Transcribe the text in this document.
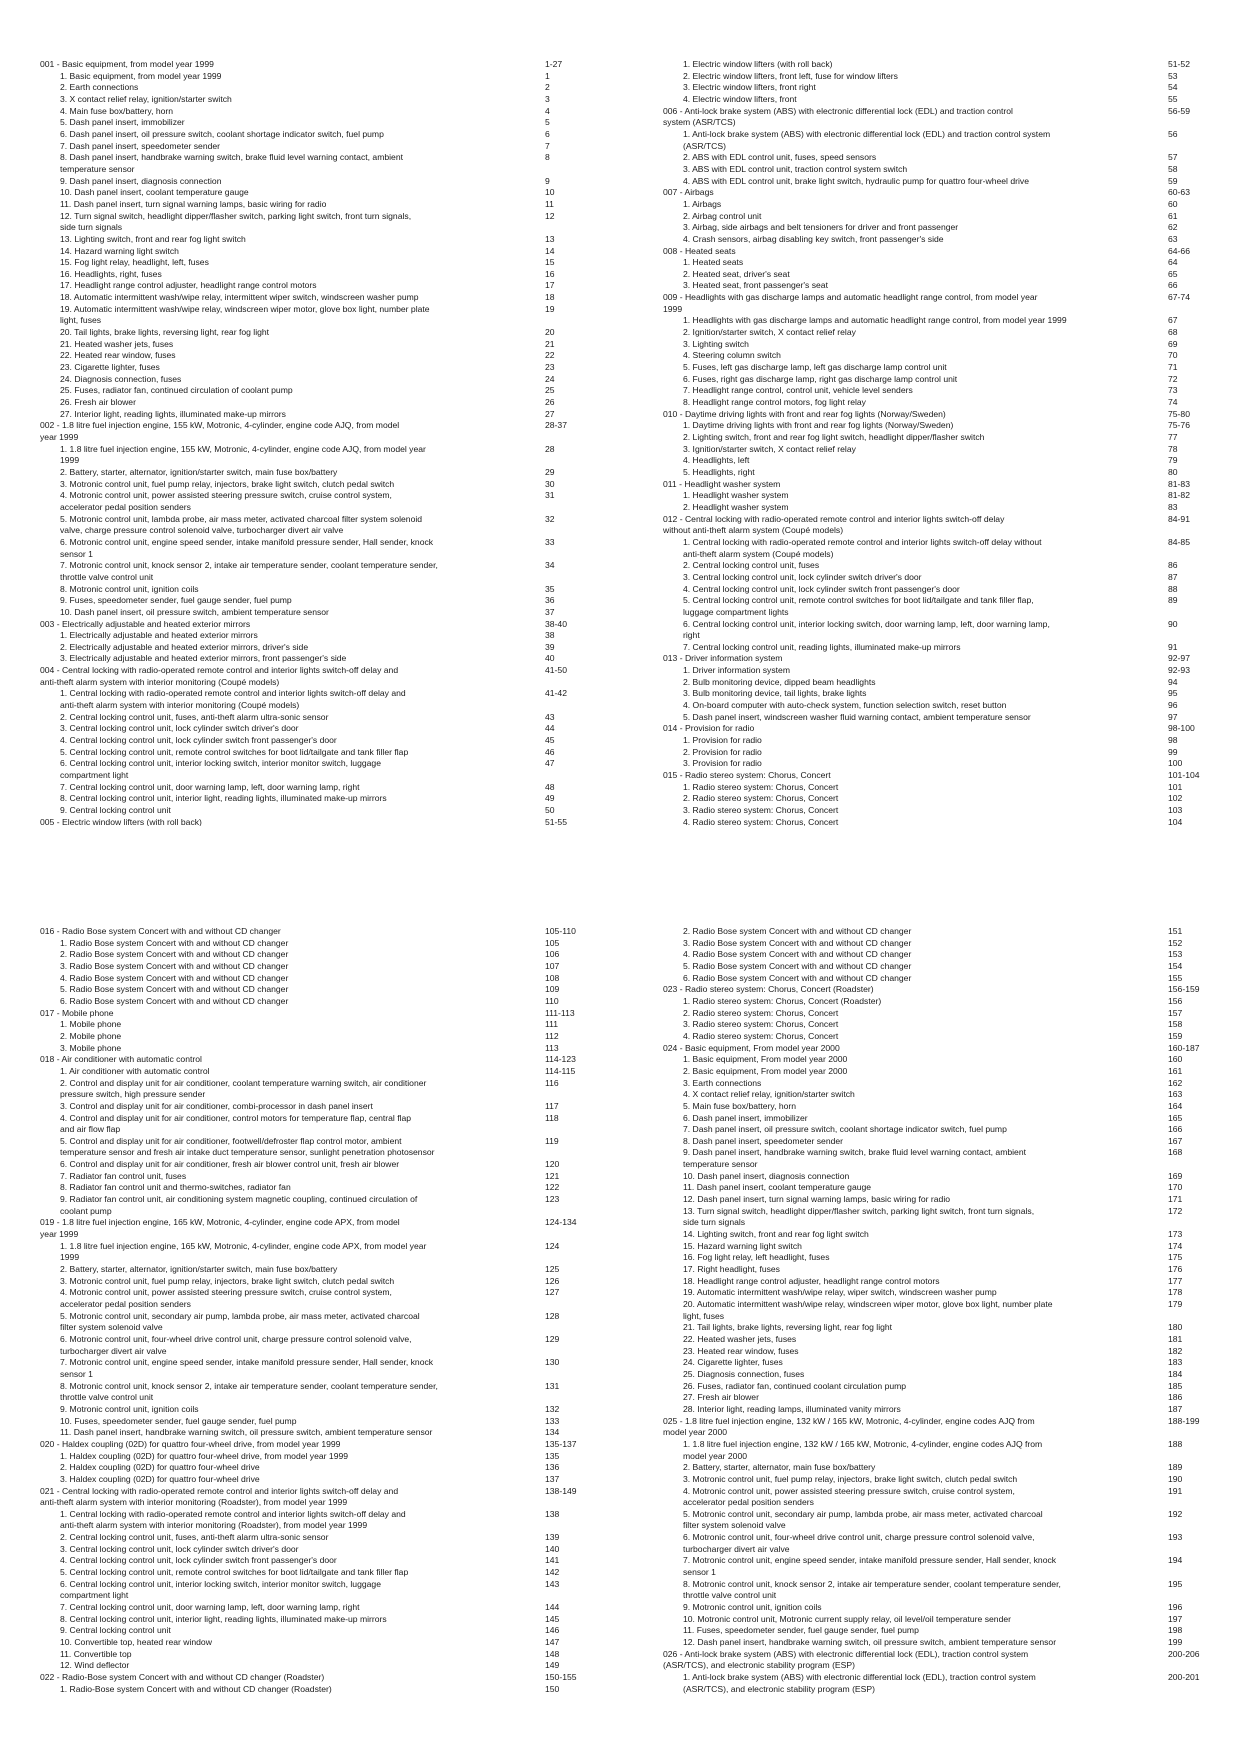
001 - Basic equipment, from model year 1999	1-27
1. Basic equipment, from model year 1999	1
2. Earth connections	2
3. X contact relief relay, ignition/starter switch	3
4. Main fuse box/battery, horn	4
5. Dash panel insert, immobilizer	5
6. Dash panel insert, oil pressure switch, coolant shortage indicator switch, fuel pump	6
7. Dash panel insert, speedometer sender	7
8. Dash panel insert, handbrake warning switch, brake fluid level warning contact, ambient	8
temperature sensor
9. Dash panel insert, diagnosis connection	9
10. Dash panel insert, coolant temperature gauge	10
11. Dash panel insert, turn signal warning lamps, basic wiring for radio	11
12. Turn signal switch, headlight dipper/flasher switch, parking light switch, front turn signals,	12
side turn signals
13. Lighting switch, front and rear fog light switch	13
14. Hazard warning light switch	14
15. Fog light relay, headlight, left, fuses	15
16. Headlights, right, fuses	16
17. Headlight range control adjuster, headlight range control motors	17
18. Automatic intermittent wash/wipe relay, intermittent wiper switch, windscreen washer pump	18
19. Automatic intermittent wash/wipe relay, windscreen wiper motor, glove box light, number plate	19
light, fuses
20. Tail lights, brake lights, reversing light, rear fog light	20
21. Heated washer jets, fuses	21
22. Heated rear window, fuses	22
23. Cigarette lighter, fuses	23
24. Diagnosis connection, fuses	24
25. Fuses, radiator fan, continued circulation of coolant pump	25
26. Fresh air blower	26
27. Interior light, reading lights, illuminated make-up mirrors	27
002 - 1.8 litre fuel injection engine, 155 kW, Motronic, 4-cylinder, engine code AJQ, from model	28-37
year 1999
1. 1.8 litre fuel injection engine, 155 kW, Motronic, 4-cylinder, engine code AJQ, from model year	28
1999
2. Battery, starter, alternator, ignition/starter switch, main fuse box/battery	29
3. Motronic control unit, fuel pump relay, injectors, brake light switch, clutch pedal switch	30
4. Motronic control unit, power assisted steering pressure switch, cruise control system,	31
accelerator pedal position senders
5. Motronic control unit, lambda probe, air mass meter, activated charcoal filter system solenoid	32
valve, charge pressure control solenoid valve, turbocharger divert air valve
6. Motronic control unit, engine speed sender, intake manifold pressure sender, Hall sender, knock	33
sensor 1
7. Motronic control unit, knock sensor 2, intake air temperature sender, coolant temperature sender,	34
throttle valve control unit
8. Motronic control unit, ignition coils	35
9. Fuses, speedometer sender, fuel gauge sender, fuel pump	36
10. Dash panel insert, oil pressure switch, ambient temperature sensor	37
003 - Electrically adjustable and heated exterior mirrors	38-40
1. Electrically adjustable and heated exterior mirrors	38
2. Electrically adjustable and heated exterior mirrors, driver's side	39
3. Electrically adjustable and heated exterior mirrors, front passenger's side	40
004 - Central locking with radio-operated remote control and interior lights switch-off delay and	41-50
anti-theft alarm system with interior monitoring (Coupé models)
1. Central locking with radio-operated remote control and interior lights switch-off delay and	41-42
anti-theft alarm system with interior monitoring (Coupé models)
2. Central locking control unit, fuses, anti-theft alarm ultra-sonic sensor	43
3. Central locking control unit, lock cylinder switch driver's door	44
4. Central locking control unit, lock cylinder switch front passenger's door	45
5. Central locking control unit, remote control switches for boot lid/tailgate and tank filler flap	46
6. Central locking control unit, interior locking switch, interior monitor switch, luggage	47
compartment light
7. Central locking control unit, door warning lamp, left, door warning lamp, right	48
8. Central locking control unit, interior light, reading lights, illuminated make-up mirrors	49
9. Central locking control unit	50
005 - Electric window lifters (with roll back)	51-55
1. Electric window lifters (with roll back)	51-52
2. Electric window lifters, front left, fuse for window lifters	53
3. Electric window lifters, front right	54
4. Electric window lifters, front	55
006 - Anti-lock brake system (ABS) with electronic differential lock (EDL) and traction control	56-59
system (ASR/TCS)
1. Anti-lock brake system (ABS) with electronic differential lock (EDL) and traction control system	56
(ASR/TCS)
2. ABS with EDL control unit, fuses, speed sensors	57
3. ABS with EDL control unit, traction control system switch	58
4. ABS with EDL control unit, brake light switch, hydraulic pump for quattro four-wheel drive	59
007 - Airbags	60-63
1. Airbags	60
2. Airbag control unit	61
3. Airbag, side airbags and belt tensioners for driver and front passenger	62
4. Crash sensors, airbag disabling key switch, front passenger's side	63
008 - Heated seats	64-66
1. Heated seats	64
2. Heated seat, driver's seat	65
3. Heated seat, front passenger's seat	66
009 - Headlights with gas discharge lamps and automatic headlight range control, from model year	67-74
1999
1. Headlights with gas discharge lamps and automatic headlight range control, from model year 1999	67
2. Ignition/starter switch, X contact relief relay	68
3. Lighting switch	69
4. Steering column switch	70
5. Fuses, left gas discharge lamp, left gas discharge lamp control unit	71
6. Fuses, right gas discharge lamp, right gas discharge lamp control unit	72
7. Headlight range control, control unit, vehicle level senders	73
8. Headlight range control motors, fog light relay	74
010 - Daytime driving lights with front and rear fog lights (Norway/Sweden)	75-80
1. Daytime driving lights with front and rear fog lights (Norway/Sweden)	75-76
2. Lighting switch, front and rear fog light switch, headlight dipper/flasher switch	77
3. Ignition/starter switch, X contact relief relay	78
4. Headlights, left	79
5. Headlights, right	80
011 - Headlight washer system	81-83
1. Headlight washer system	81-82
2. Headlight washer system	83
012 - Central locking with radio-operated remote control and interior lights switch-off delay	84-91
without anti-theft alarm system (Coupé models)
1. Central locking with radio-operated remote control and interior lights switch-off delay without	84-85
anti-theft alarm system (Coupé models)
2. Central locking control unit, fuses	86
3. Central locking control unit, lock cylinder switch driver's door	87
4. Central locking control unit, lock cylinder switch front passenger's door	88
5. Central locking control unit, remote control switches for boot lid/tailgate and tank filler flap,	89
luggage compartment lights
6. Central locking control unit, interior locking switch, door warning lamp, left, door warning lamp,	90
right
7. Central locking control unit, reading lights, illuminated make-up mirrors	91
013 - Driver information system	92-97
1. Driver information system	92-93
2. Bulb monitoring device, dipped beam headlights	94
3. Bulb monitoring device, tail lights, brake lights	95
4. On-board computer with auto-check system, function selection switch, reset button	96
5. Dash panel insert, windscreen washer fluid warning contact, ambient temperature sensor	97
014 - Provision for radio	98-100
1. Provision for radio	98
2. Provision for radio	99
3. Provision for radio	100
015 - Radio stereo system: Chorus, Concert	101-104
1. Radio stereo system: Chorus, Concert	101
2. Radio stereo system: Chorus, Concert	102
3. Radio stereo system: Chorus, Concert	103
4. Radio stereo system: Chorus, Concert	104
016 - Radio Bose system Concert with and without CD changer	105-110
1. Radio Bose system Concert with and without CD changer	105
2. Radio Bose system Concert with and without CD changer	106
3. Radio Bose system Concert with and without CD changer	107
4. Radio Bose system Concert with and without CD changer	108
5. Radio Bose system Concert with and without CD changer	109
6. Radio Bose system Concert with and without CD changer	110
017 - Mobile phone	111-113
1. Mobile phone	111
2. Mobile phone	112
3. Mobile phone	113
018 - Air conditioner with automatic control	114-123
1. Air conditioner with automatic control	114-115
2. Control and display unit for air conditioner, coolant temperature warning switch, air conditioner	116
pressure switch, high pressure sender
3. Control and display unit for air conditioner, combi-processor in dash panel insert	117
4. Control and display unit for air conditioner, control motors for temperature flap, central flap	118
and air flow flap
5. Control and display unit for air conditioner, footwell/defroster flap control motor, ambient	119
temperature sensor and fresh air intake duct temperature sensor, sunlight penetration photosensor
6. Control and display unit for air conditioner, fresh air blower control unit, fresh air blower	120
7. Radiator fan control unit, fuses	121
8. Radiator fan control unit and thermo-switches, radiator fan	122
9. Radiator fan control unit, air conditioning system magnetic coupling, continued circulation of	123
coolant pump
019 - 1.8 litre fuel injection engine, 165 kW, Motronic, 4-cylinder, engine code APX, from model	124-134
year 1999
1. 1.8 litre fuel injection engine, 165 kW, Motronic, 4-cylinder, engine code APX, from model year	124
1999
2. Battery, starter, alternator, ignition/starter switch, main fuse box/battery	125
3. Motronic control unit, fuel pump relay, injectors, brake light switch, clutch pedal switch	126
4. Motronic control unit, power assisted steering pressure switch, cruise control system,	127
accelerator pedal position senders
5. Motronic control unit, secondary air pump, lambda probe, air mass meter, activated charcoal	128
filter system solenoid valve
6. Motronic control unit, four-wheel drive control unit, charge pressure control solenoid valve,	129
turbocharger divert air valve
7. Motronic control unit, engine speed sender, intake manifold pressure sender, Hall sender, knock	130
sensor 1
8. Motronic control unit, knock sensor 2, intake air temperature sender, coolant temperature sender,	131
throttle valve control unit
9. Motronic control unit, ignition coils	132
10. Fuses, speedometer sender, fuel gauge sender, fuel pump	133
11. Dash panel insert, handbrake warning switch, oil pressure switch, ambient temperature sensor	134
020 - Haldex coupling (02D) for quattro four-wheel drive, from model year 1999	135-137
1. Haldex coupling (02D) for quattro four-wheel drive, from model year 1999	135
2. Haldex coupling (02D) for quattro four-wheel drive	136
3. Haldex coupling (02D) for quattro four-wheel drive	137
021 - Central locking with radio-operated remote control and interior lights switch-off delay and	138-149
anti-theft alarm system with interior monitoring (Roadster), from model year 1999
1. Central locking with radio-operated remote control and interior lights switch-off delay and	138
anti-theft alarm system with interior monitoring (Roadster), from model year 1999
2. Central locking control unit, fuses, anti-theft alarm ultra-sonic sensor	139
3. Central locking control unit, lock cylinder switch driver's door	140
4. Central locking control unit, lock cylinder switch front passenger's door	141
5. Central locking control unit, remote control switches for boot lid/tailgate and tank filler flap	142
6. Central locking control unit, interior locking switch, interior monitor switch, luggage	143
compartment light
7. Central locking control unit, door warning lamp, left, door warning lamp, right	144
8. Central locking control unit, interior light, reading lights, illuminated make-up mirrors	145
9. Central locking control unit	146
10. Convertible top, heated rear window	147
11. Convertible top	148
12. Wind deflector	149
022 - Radio-Bose system Concert with and without CD changer (Roadster)	150-155
1. Radio-Bose system Concert with and without CD changer (Roadster)	150
2. Radio Bose system Concert with and without CD changer	151
3. Radio Bose system Concert with and without CD changer	152
4. Radio Bose system Concert with and without CD changer	153
5. Radio Bose system Concert with and without CD changer	154
6. Radio Bose system Concert with and without CD changer	155
023 - Radio stereo system: Chorus, Concert (Roadster)	156-159
1. Radio stereo system: Chorus, Concert (Roadster)	156
2. Radio stereo system: Chorus, Concert	157
3. Radio stereo system: Chorus, Concert	158
4. Radio stereo system: Chorus, Concert	159
024 - Basic equipment, From model year 2000	160-187
1. Basic equipment, From model year 2000	160
2. Basic equipment, From model year 2000	161
3. Earth connections	162
4. X contact relief relay, ignition/starter switch	163
5. Main fuse box/battery, horn	164
6. Dash panel insert, immobilizer	165
7. Dash panel insert, oil pressure switch, coolant shortage indicator switch, fuel pump	166
8. Dash panel insert, speedometer sender	167
9. Dash panel insert, handbrake warning switch, brake fluid level warning contact, ambient	168
temperature sensor
10. Dash panel insert, diagnosis connection	169
11. Dash panel insert, coolant temperature gauge	170
12. Dash panel insert, turn signal warning lamps, basic wiring for radio	171
13. Turn signal switch, headlight dipper/flasher switch, parking light switch, front turn signals,	172
side turn signals
14. Lighting switch, front and rear fog light switch	173
15. Hazard warning light switch	174
16. Fog light relay, left headlight, fuses	175
17. Right headlight, fuses	176
18. Headlight range control adjuster, headlight range control motors	177
19. Automatic intermittent wash/wipe relay, wiper switch, windscreen washer pump	178
20. Automatic intermittent wash/wipe relay, windscreen wiper motor, glove box light, number plate	179
light, fuses
21. Tail lights, brake lights, reversing light, rear fog light	180
22. Heated washer jets, fuses	181
23. Heated rear window, fuses	182
24. Cigarette lighter, fuses	183
25. Diagnosis connection, fuses	184
26. Fuses, radiator fan, continued coolant circulation pump	185
27. Fresh air blower	186
28. Interior light, reading lamps, illuminated vanity mirrors	187
025 - 1.8 litre fuel injection engine, 132 kW / 165 kW, Motronic, 4-cylinder, engine codes AJQ from	188-199
model year 2000
1. 1.8 litre fuel injection engine, 132 kW / 165 kW, Motronic, 4-cylinder, engine codes AJQ from	188
model year 2000
2. Battery, starter, alternator, main fuse box/battery	189
3. Motronic control unit, fuel pump relay, injectors, brake light switch, clutch pedal switch	190
4. Motronic control unit, power assisted steering pressure switch, cruise control system,	191
accelerator pedal position senders
5. Motronic control unit, secondary air pump, lambda probe, air mass meter, activated charcoal	192
filter system solenoid valve
6. Motronic control unit, four-wheel drive control unit, charge pressure control solenoid valve,	193
turbocharger divert air valve
7. Motronic control unit, engine speed sender, intake manifold pressure sender, Hall sender, knock	194
sensor 1
8. Motronic control unit, knock sensor 2, intake air temperature sender, coolant temperature sender,	195
throttle valve control unit
9. Motronic control unit, ignition coils	196
10. Motronic control unit, Motronic current supply relay, oil level/oil temperature sender	197
11. Fuses, speedometer sender, fuel gauge sender, fuel pump	198
12. Dash panel insert, handbrake warning switch, oil pressure switch, ambient temperature sensor	199
026 - Anti-lock brake system (ABS) with electronic differential lock (EDL), traction control system	200-206
(ASR/TCS), and electronic stability program (ESP)
1. Anti-lock brake system (ABS) with electronic differential lock (EDL), traction control system	200-201
(ASR/TCS), and electronic stability program (ESP)
